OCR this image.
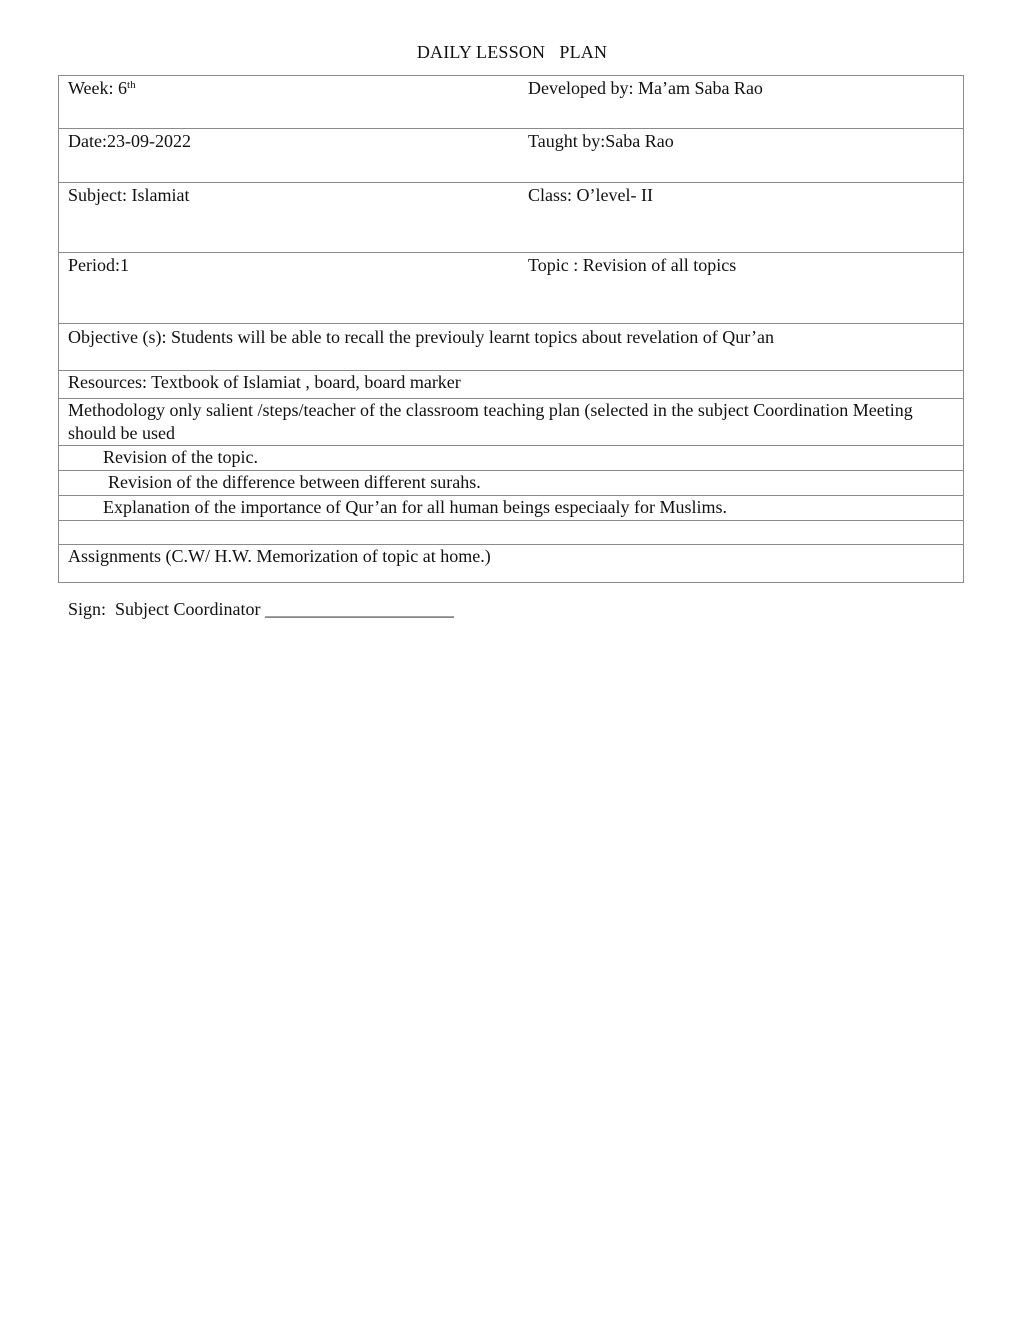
DAILY LESSON   PLAN
Week: 6th	Developed by: Ma’am Saba Rao
Date:23-09-2022	Taught by:Saba Rao
Subject: Islamiat	Class: O’level- II
Period:1	Topic : Revision of all topics
Objective (s): Students will be able to recall the previouly learnt topics about revelation of Qur’an
Resources: Textbook of Islamiat , board, board marker
Methodology only salient /steps/teacher of the classroom teaching plan (selected in the subject Coordination Meeting should be used
Revision of the topic.
Revision of the difference between different surahs.
Explanation of the importance of Qur’an for all human beings especiaaly for Muslims.
Assignments (C.W/ H.W. Memorization of topic at home.)
Sign:  Subject Coordinator _____________________
